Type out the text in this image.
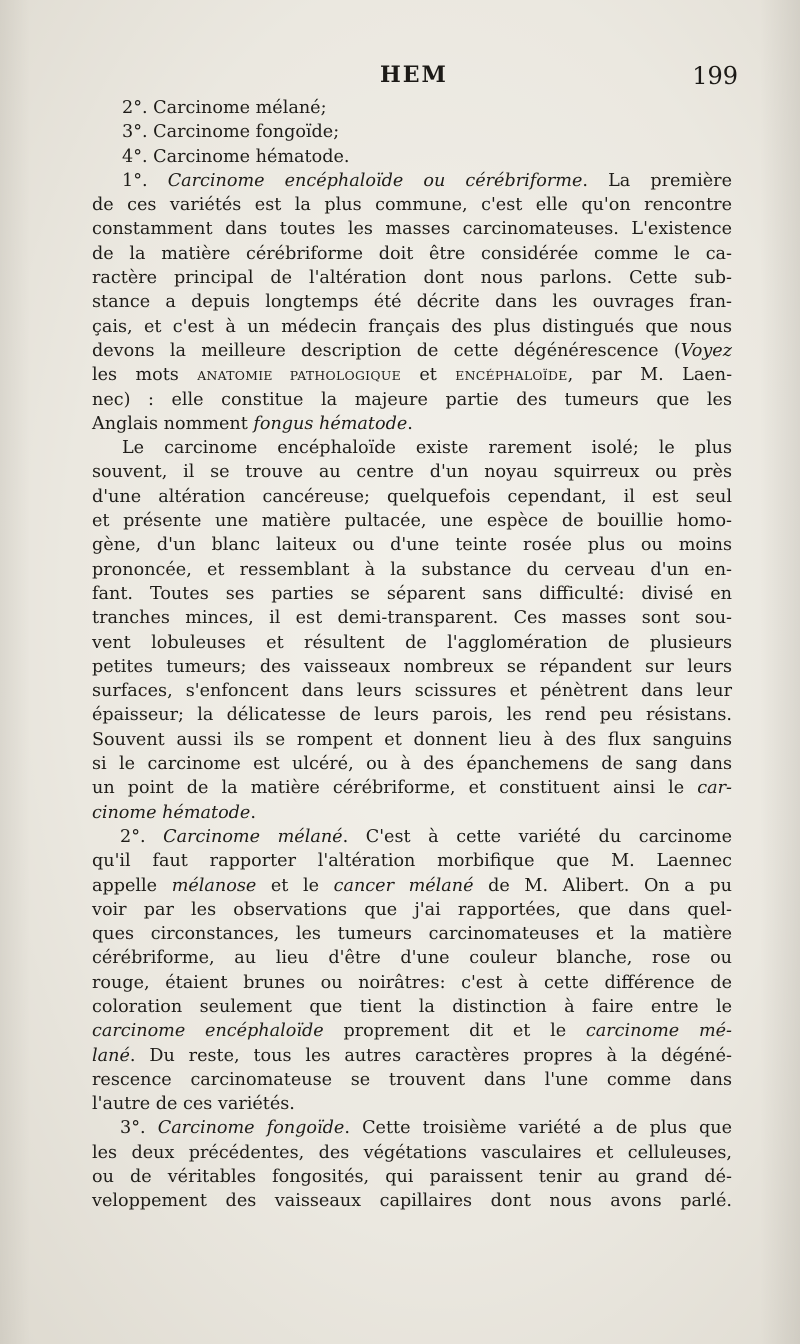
HEM	199
2°. Carcinome mélané;
3°. Carcinome fongoïde;
4°. Carcinome hématode.
1°. Carcinome encéphaloïde ou cérébriforme. La première
de ces variétés est la plus commune, c'est elle qu'on rencontre
constamment dans toutes les masses carcinomateuses. L'existence
de la matière cérébriforme doit être considérée comme le ca-
ractère principal de l'altération dont nous parlons. Cette sub-
stance a depuis longtemps été décrite dans les ouvrages fran-
çais, et c'est à un médecin français des plus distingués que nous
devons la meilleure description de cette dégénérescence (Voyez
les mots ANATOMIE PATHOLOGIQUE et ENCÉPHALOÏDE, par M. Laen-
nec) : elle constitue la majeure partie des tumeurs que les
Anglais nomment fongus hématode.
Le carcinome encéphaloïde existe rarement isolé; le plus
souvent, il se trouve au centre d'un noyau squirreux ou près
d'une altération cancéreuse; quelquefois cependant, il est seul
et présente une matière pultacée, une espèce de bouillie homo-
gène, d'un blanc laiteux ou d'une teinte rosée plus ou moins
prononcée, et ressemblant à la substance du cerveau d'un en-
fant. Toutes ses parties se séparent sans difficulté: divisé en
tranches minces, il est demi-transparent. Ces masses sont sou-
vent lobuleuses et résultent de l'agglomération de plusieurs
petites tumeurs; des vaisseaux nombreux se répandent sur leurs
surfaces, s'enfoncent dans leurs scissures et pénètrent dans leur
épaisseur; la délicatesse de leurs parois, les rend peu résistans.
Souvent aussi ils se rompent et donnent lieu à des flux sanguins
si le carcinome est ulcéré, ou à des épanchemens de sang dans
un point de la matière cérébriforme, et constituent ainsi le car-
cinome hématode.
2°. Carcinome mélané. C'est à cette variété du carcinome
qu'il faut rapporter l'altération morbifique que M. Laennec
appelle mélanose et le cancer mélané de M. Alibert. On a pu
voir par les observations que j'ai rapportées, que dans quel-
ques circonstances, les tumeurs carcinomateuses et la matière
cérébriforme, au lieu d'être d'une couleur blanche, rose ou
rouge, étaient brunes ou noirâtres: c'est à cette différence de
coloration seulement que tient la distinction à faire entre le
carcinome encéphaloïde proprement dit et le carcinome mé-
lané. Du reste, tous les autres caractères propres à la dégéné-
rescence carcinomateuse se trouvent dans l'une comme dans
l'autre de ces variétés.
3°. Carcinome fongoïde. Cette troisième variété a de plus que
les deux précédentes, des végétations vasculaires et celluleuses,
ou de véritables fongosités, qui paraissent tenir au grand dé-
veloppement des vaisseaux capillaires dont nous avons parlé.
